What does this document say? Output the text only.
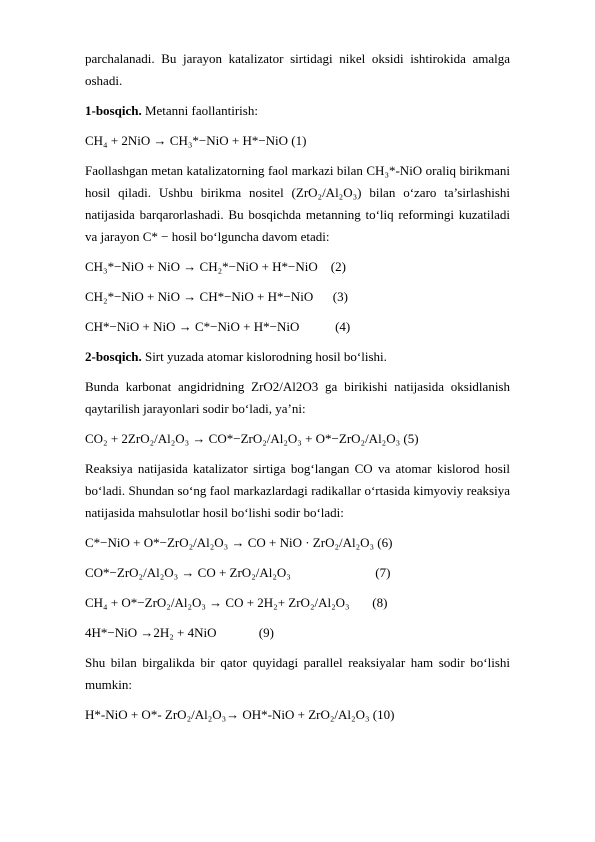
parchalanadi. Bu jarayon katalizator sirtidagi nikel oksidi ishtirokida amalga oshadi.

1-bosqich. Metanni faollantirish:

CH₄ + 2NiO → CH₃*−NiO + H*−NiO (1)

Faollashgan metan katalizatorning faol markazi bilan CH₃*-NiO oraliq birikmani hosil qiladi. Ushbu birikma nositel (ZrO₂/Al₂O₃) bilan o‘zaro ta’sirlashishi natijasida barqarorlashadi. Bu bosqichda metanning to‘liq reformingi kuzatiladi va jarayon C* − hosil bo‘lguncha davom etadi:

CH₃*−NiO + NiO → CH₂*−NiO + H*−NiO    (2)

CH₂*−NiO + NiO → CH*−NiO + H*−NiO      (3)

CH*−NiO + NiO → C*−NiO + H*−NiO           (4)

2-bosqich. Sirt yuzada atomar kislorodning hosil bo‘lishi.

Bunda karbonat angidridning ZrO2/Al2O3 ga birikishi natijasida oksidlanish qaytarilish jarayonlari sodir bo‘ladi, ya’ni:

CO₂ + 2ZrO₂/Al₂O₃ → CO*−ZrO₂/Al₂O₃ + O*−ZrO₂/Al₂O₃ (5)

Reaksiya natijasida katalizator sirtiga bog‘langan CO va atomar kislorod hosil bo‘ladi. Shundan so‘ng faol markazlardagi radikallar o‘rtasida kimyoviy reaksiya natijasida mahsulotlar hosil bo‘lishi sodir bo‘ladi:

C*−NiO + O*−ZrO₂/Al₂O₃ → CO + NiO · ZrO₂/Al₂O₃ (6)

CO*−ZrO₂/Al₂O₃ → CO + ZrO₂/Al₂O₃                          (7)

CH₄ + O*−ZrO₂/Al₂O₃ → CO + 2H₂+ ZrO₂/Al₂O₃       (8)

4H*−NiO →2H₂ + 4NiO             (9)

Shu bilan birgalikda bir qator quyidagi parallel reaksiyalar ham sodir bo‘lishi mumkin:

H*-NiO + O*- ZrO₂/Al₂O₃→ OH*-NiO + ZrO₂/Al₂O₃ (10)
